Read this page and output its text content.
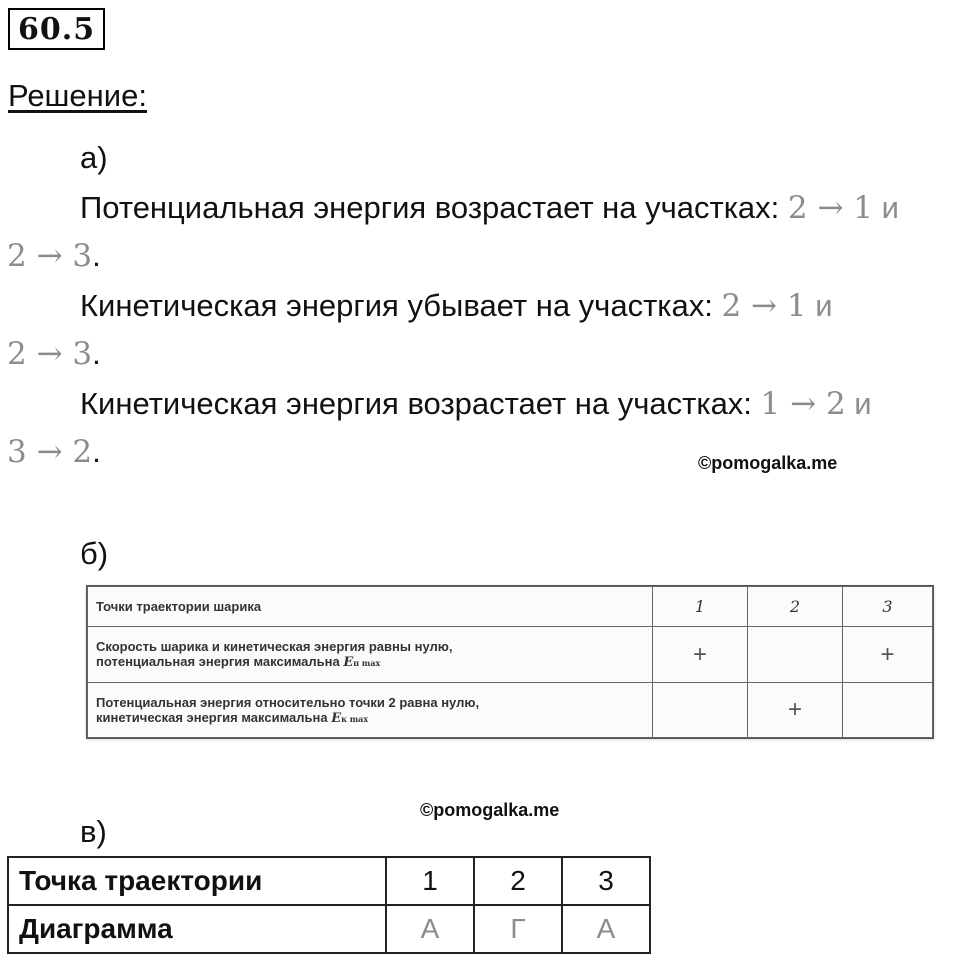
60.5
Решение:
а)
Потенциальная энергия возрастает на участках: 2 → 1 и
2 → 3.
Кинетическая энергия убывает на участках: 2 → 1 и
2 → 3.
Кинетическая энергия возрастает на участках: 1 → 2 и
3 → 2.	©pomogalka.me
б)
Точки траектории шарика	1	2	3

Скорость шарика и кинетическая энергия равны нулю,
потенциальная энергия максимальна Eп max	+		+

Потенциальная энергия относительно точки 2 равна нулю,
кинетическая энергия максимальна Eк max		+	
©pomogalka.me
в)
Точка траектории	1	2	3
Диаграмма	А	Г	А
